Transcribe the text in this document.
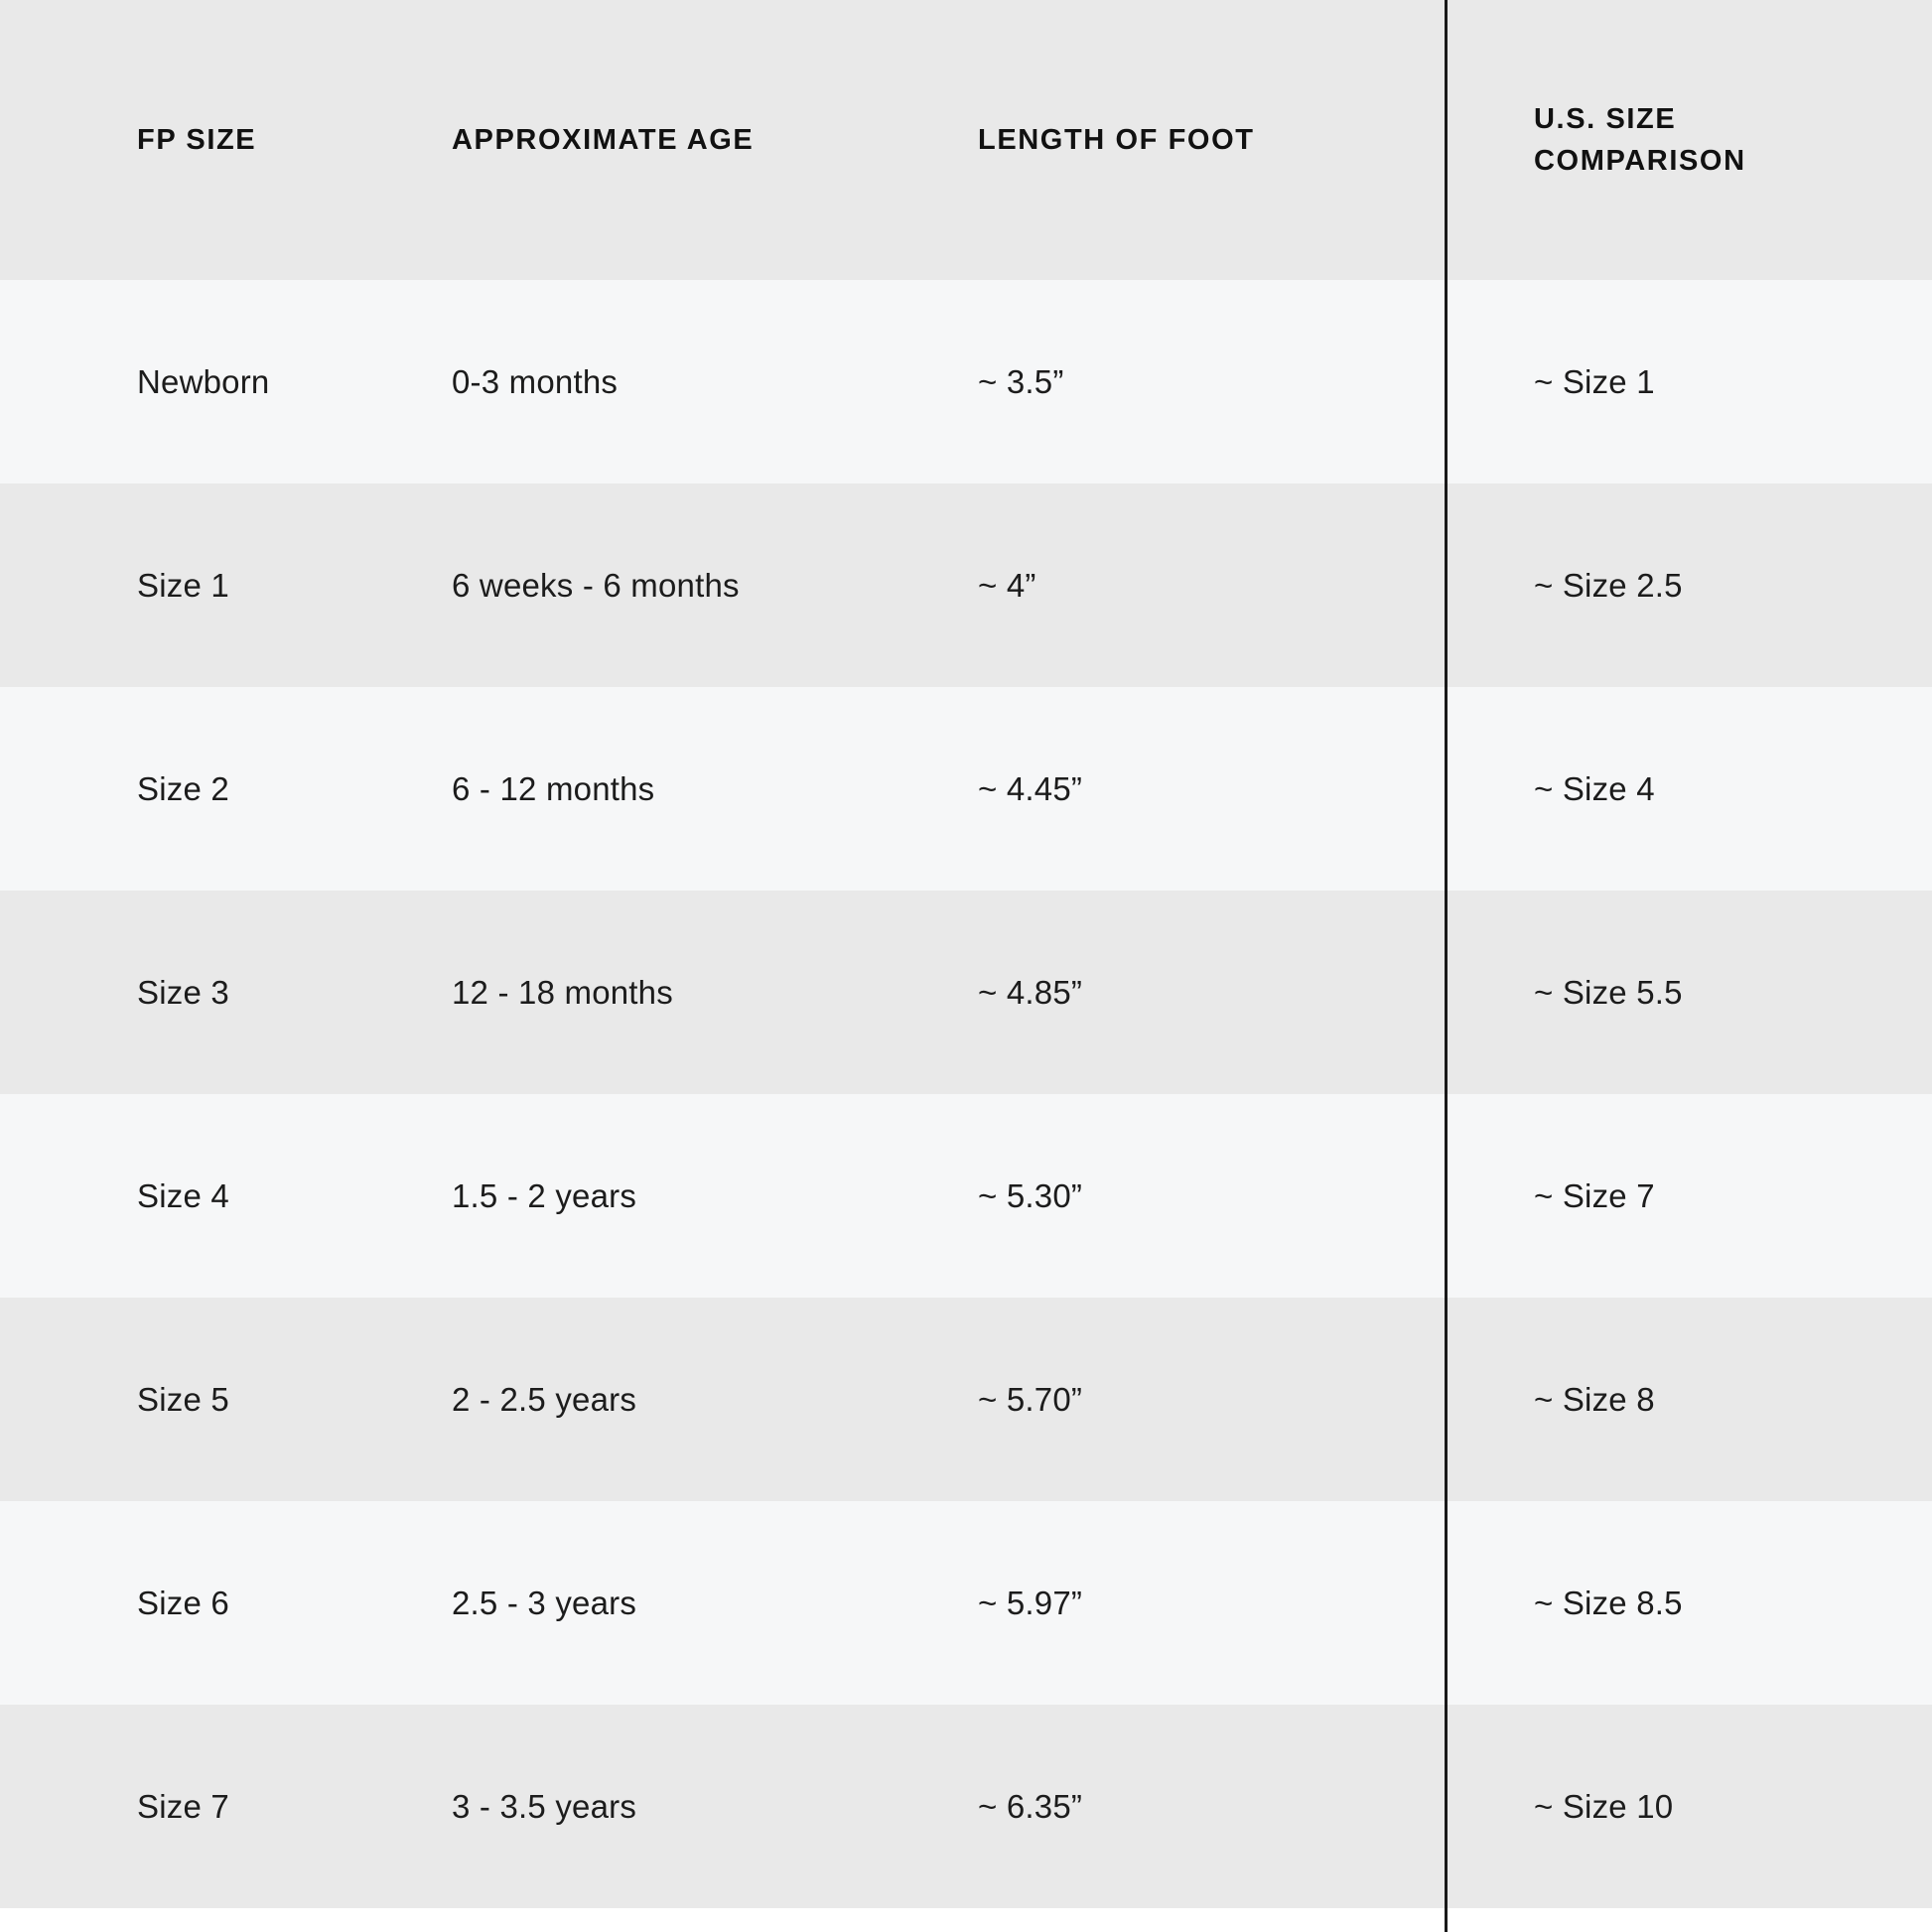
FP SIZE	APPROXIMATE AGE	LENGTH OF FOOT	U.S. SIZE
COMPARISON

Newborn	0-3 months	~ 3.5”	~ Size 1
Size 1	6 weeks - 6 months	~ 4”	~ Size 2.5
Size 2	6 - 12 months	~ 4.45”	~ Size 4
Size 3	12 - 18 months	~ 4.85”	~ Size 5.5
Size 4	1.5 - 2 years	~ 5.30”	~ Size 7
Size 5	2 - 2.5 years	~ 5.70”	~ Size 8
Size 6	2.5 - 3 years	~ 5.97”	~ Size 8.5
Size 7	3 - 3.5 years	~ 6.35”	~ Size 10
